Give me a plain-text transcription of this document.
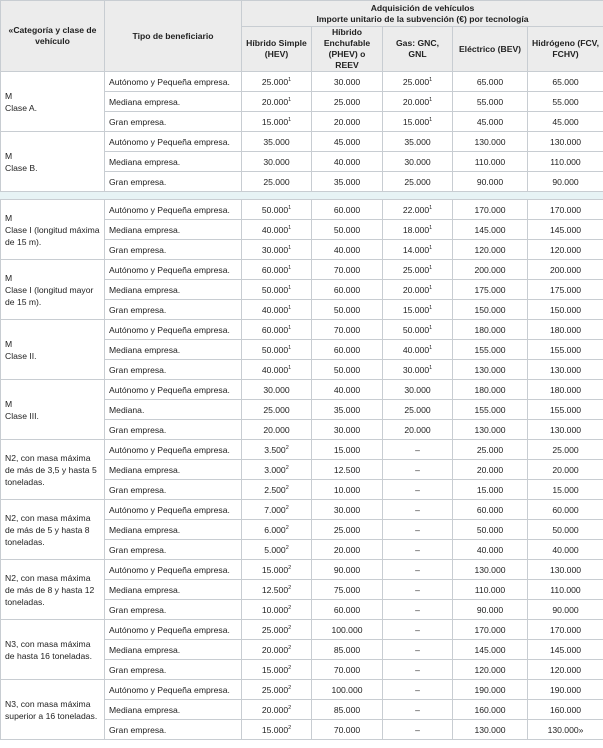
«Categoría y clase de vehículo	Tipo de beneficiario	Adquisición de vehículos
Importe unitario de la subvención (€) por tecnología				

		Híbrido Simple (HEV)	Híbrido Enchufable (PHEV) o REEV	Gas: GNC, GNL	Eléctrico (BEV)	Hidrógeno (FCV, FCHV)

M
Clase A.	Autónomo y Pequeña empresa.	25.000$^1$	30.000	25.000$^1$	65.000	65.000
	Mediana empresa.	20.000$^1$	25.000	20.000$^1$	55.000	55.000
	Gran empresa.	15.000$^1$	20.000	15.000$^1$	45.000	45.000

M
Clase B.	Autónomo y Pequeña empresa.	35.000	45.000	35.000	130.000	130.000
	Mediana empresa.	30.000	40.000	30.000	110.000	110.000
	Gran empresa.	25.000	35.000	25.000	90.000	90.000

M
Clase I (longitud máxima de 15 m).	Autónomo y Pequeña empresa.	50.000$^1$	60.000	22.000$^1$	170.000	170.000
	Mediana empresa.	40.000$^1$	50.000	18.000$^1$	145.000	145.000
	Gran empresa.	30.000$^1$	40.000	14.000$^1$	120.000	120.000

M
Clase I (longitud mayor de 15 m).	Autónomo y Pequeña empresa.	60.000$^1$	70.000	25.000$^1$	200.000	200.000
	Mediana empresa.	50.000$^1$	60.000	20.000$^1$	175.000	175.000
	Gran empresa.	40.000$^1$	50.000	15.000$^1$	150.000	150.000

M
Clase II.	Autónomo y Pequeña empresa.	60.000$^1$	70.000	50.000$^1$	180.000	180.000
	Mediana empresa.	50.000$^1$	60.000	40.000$^1$	155.000	155.000
	Gran empresa.	40.000$^1$	50.000	30.000$^1$	130.000	130.000

M
Clase III.	Autónomo y Pequeña empresa.	30.000	40.000	30.000	180.000	180.000
	Mediana.	25.000	35.000	25.000	155.000	155.000
	Gran empresa.	20.000	30.000	20.000	130.000	130.000

N2, con masa máxima de más de 3,5 y hasta 5 toneladas.	Autónomo y Pequeña empresa.	3.500$^2$	15.000	–	25.000	25.000
	Mediana empresa.	3.000$^2$	12.500	–	20.000	20.000
	Gran empresa.	2.500$^2$	10.000	–	15.000	15.000

N2, con masa máxima de más de 5 y hasta 8 toneladas.	Autónomo y Pequeña empresa.	7.000$^2$	30.000	–	60.000	60.000
	Mediana empresa.	6.000$^2$	25.000	–	50.000	50.000
	Gran empresa.	5.000$^2$	20.000	–	40.000	40.000

N2, con masa máxima de más de 8 y hasta 12 toneladas.	Autónomo y Pequeña empresa.	15.000$^2$	90.000	–	130.000	130.000
	Mediana empresa.	12.500$^2$	75.000	–	110.000	110.000
	Gran empresa.	10.000$^2$	60.000	–	90.000	90.000

N3, con masa máxima de hasta 16 toneladas.	Autónomo y Pequeña empresa.	25.000$^2$	100.000	–	170.000	170.000
	Mediana empresa.	20.000$^2$	85.000	–	145.000	145.000
	Gran empresa.	15.000$^2$	70.000	–	120.000	120.000

N3, con masa máxima superior a 16 toneladas.	Autónomo y Pequeña empresa.	25.000$^2$	100.000	–	190.000	190.000
	Mediana empresa.	20.000$^2$	85.000	–	160.000	160.000
	Gran empresa.	15.000$^2$	70.000	–	130.000	130.000»
